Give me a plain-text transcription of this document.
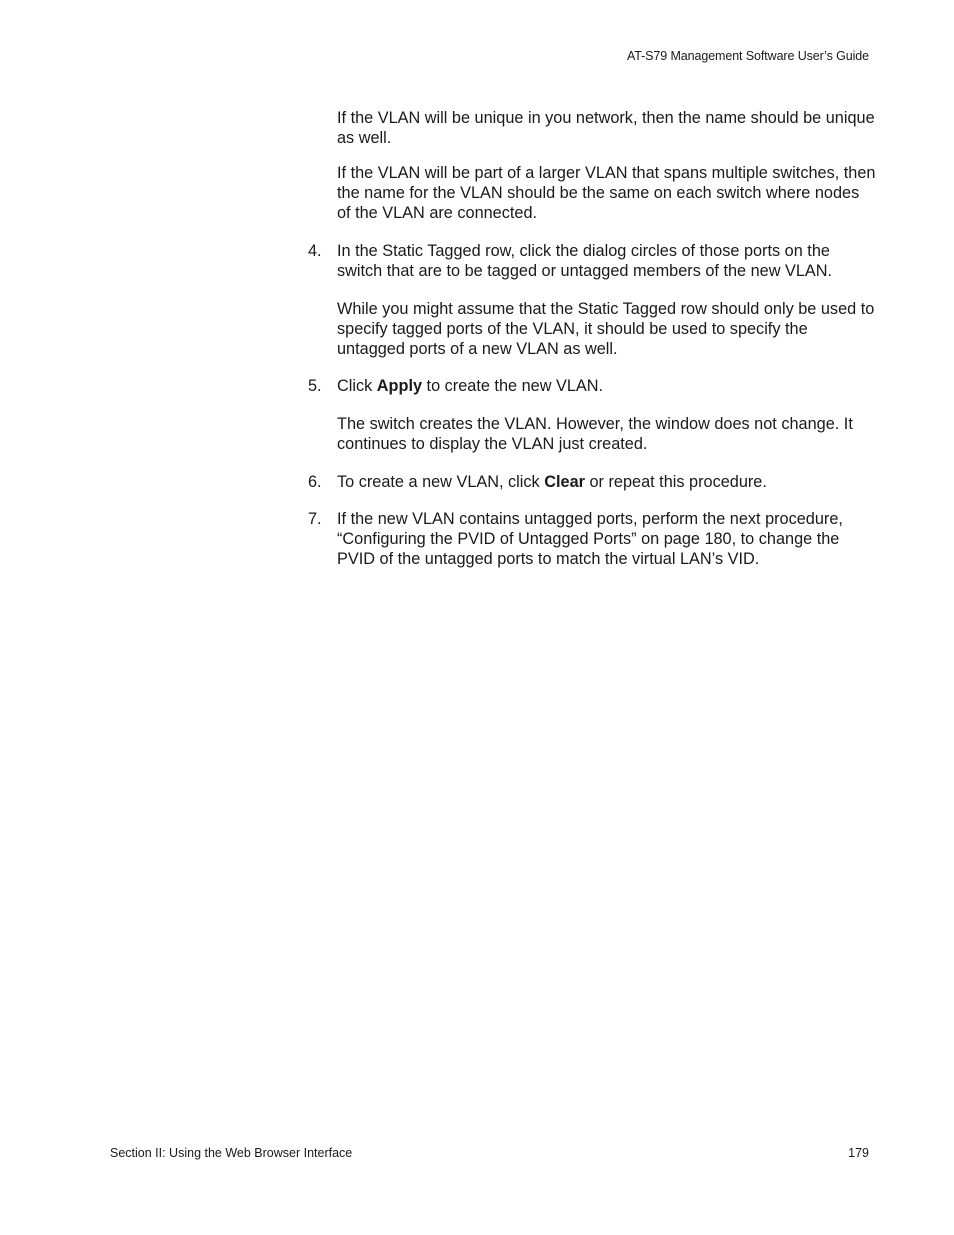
AT-S79 Management Software User’s Guide

If the VLAN will be unique in you network, then the name should be unique as well.

If the VLAN will be part of a larger VLAN that spans multiple switches, then the name for the VLAN should be the same on each switch where nodes of the VLAN are connected.

4. In the Static Tagged row, click the dialog circles of those ports on the switch that are to be tagged or untagged members of the new VLAN.

While you might assume that the Static Tagged row should only be used to specify tagged ports of the VLAN, it should be used to specify the untagged ports of a new VLAN as well.

5. Click Apply to create the new VLAN.

The switch creates the VLAN. However, the window does not change. It continues to display the VLAN just created.

6. To create a new VLAN, click Clear or repeat this procedure.
7. If the new VLAN contains untagged ports, perform the next procedure, “Configuring the PVID of Untagged Ports” on page 180, to change the PVID of the untagged ports to match the virtual LAN’s VID.
Section II: Using the Web Browser Interface	179
